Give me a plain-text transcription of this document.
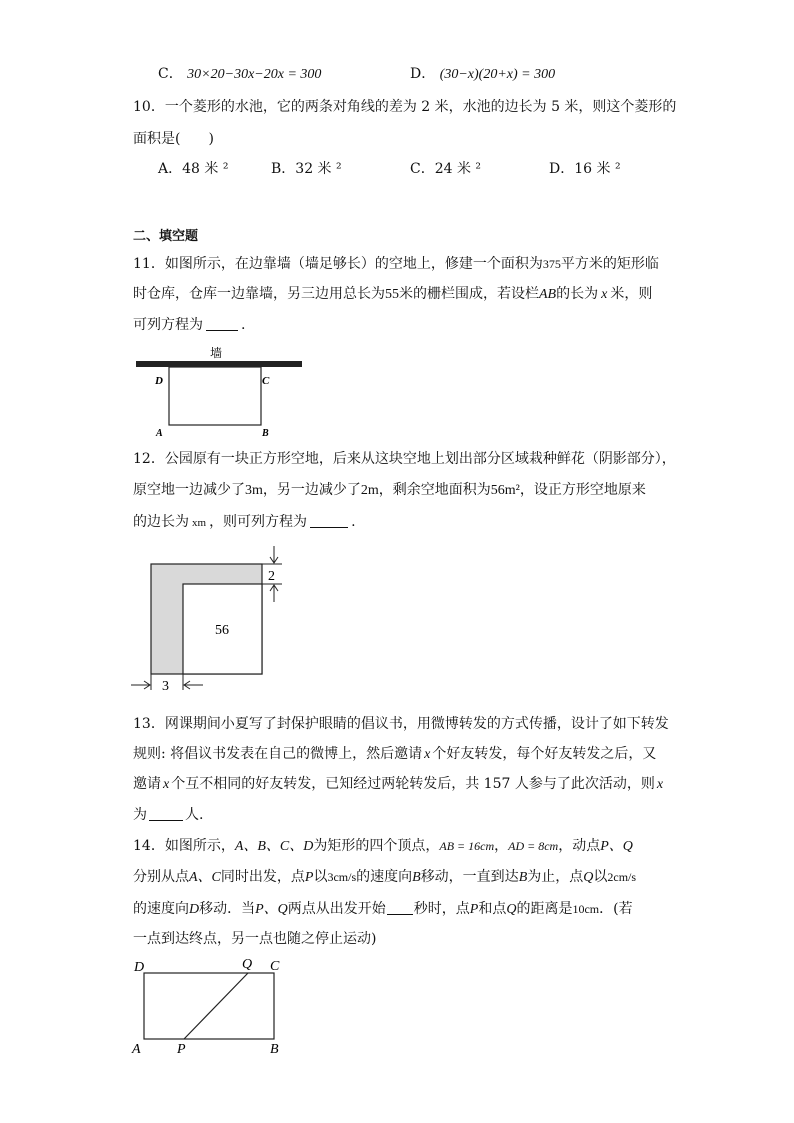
C． 30×20−30x−20x = 300	D． (30−x)(20+x) = 300
10．一个菱形的水池，它的两条对角线的差为 2 米，水池的边长为 5 米，则这个菱形的
面积是(　　)
A．48 米 ²	B．32 米 ²	C．24 米 ²	D．16 米 ²
二、填空题
11．如图所示，在边靠墙（墙足够长）的空地上，修建一个面积为375平方米的矩形临
时仓库，仓库一边靠墙，另三边用总长为55米的栅栏围成，若设栏AB的长为 x 米，则
可列方程为	.
墙
D	C
A	B
12．公园原有一块正方形空地，后来从这块空地上划出部分区域栽种鲜花（阴影部分），
原空地一边减少了3m，另一边减少了2m，剩余空地面积为56m²，设正方形空地原来
的边长为 xm ，则可列方程为	.
56
2
3
13．网课期间小夏写了封保护眼睛的倡议书，用微博转发的方式传播，设计了如下转发
规则: 将倡议书发表在自己的微博上，然后邀请 x 个好友转发，每个好友转发之后，又
邀请 x 个互不相同的好友转发，已知经过两轮转发后，共 157 人参与了此次活动，则 x
为	人.
14．如图所示，A、B、C、D为矩形的四个顶点，AB = 16cm，AD = 8cm，动点P、Q
分别从点A、C同时出发，点P以3cm/s的速度向B移动，一直到达B为止，点Q以2cm/s
的速度向D移动．当P、Q两点从出发开始 秒时，点P和点Q的距离是10cm．(若
一点到达终点，另一点也随之停止运动)
D	Q C
A	P	B
